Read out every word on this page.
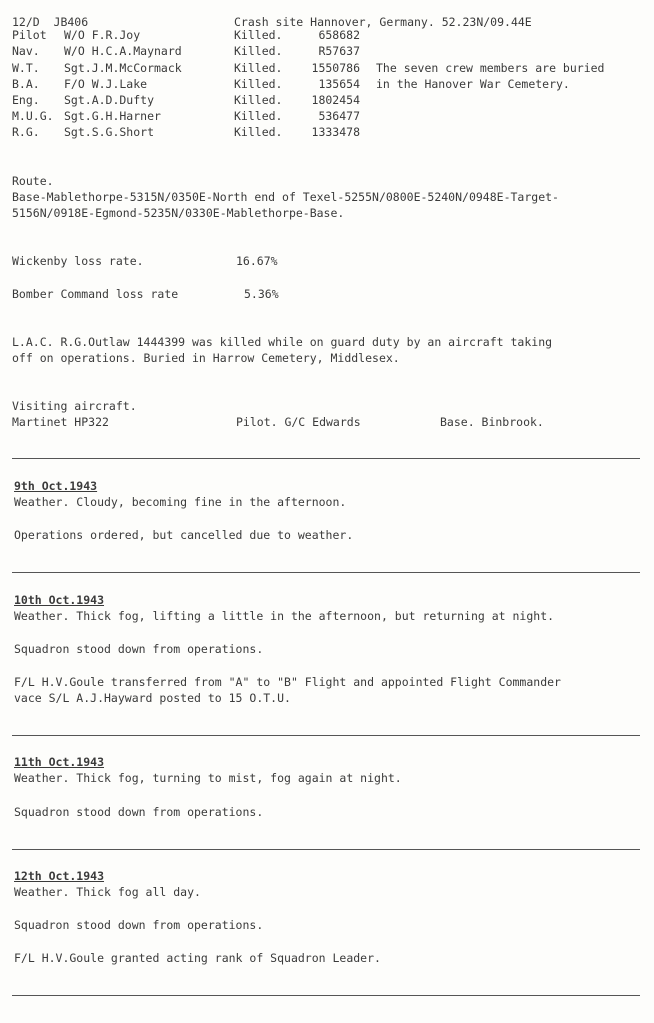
12/D  JB406	Crash site Hannover, Germany. 52.23N/09.44E
Pilot W/O F.R.Joy	Killed.	658682
Nav. W/O H.C.A.Maynard	Killed.	R57637
W.T. Sgt.J.M.McCormack	Killed.	1550786
B.A. F/O W.J.Lake	Killed.	135654
Eng. Sgt.A.D.Dufty	Killed.	1802454
M.U.G. Sgt.G.H.Harner	Killed.	536477
R.G. Sgt.S.G.Short	Killed.	1333478
The seven crew members are buried
in the Hanover War Cemetery.
Route.
Base-Mablethorpe-5315N/0350E-North end of Texel-5255N/0800E-5240N/0948E-Target-
5156N/0918E-Egmond-5235N/0330E-Mablethorpe-Base.
Wickenby loss rate.	16.67%
Bomber Command loss rate	5.36%
L.A.C. R.G.Outlaw 1444399 was killed while on guard duty by an aircraft taking
off on operations. Buried in Harrow Cemetery, Middlesex.
Visiting aircraft.
Martinet HP322	Pilot. G/C Edwards	Base. Binbrook.
9th Oct.1943
Weather. Cloudy, becoming fine in the afternoon.
Operations ordered, but cancelled due to weather.
10th Oct.1943
Weather. Thick fog, lifting a little in the afternoon, but returning at night.
Squadron stood down from operations.
F/L H.V.Goule transferred from "A" to "B" Flight and appointed Flight Commander
vace S/L A.J.Hayward posted to 15 O.T.U.
11th Oct.1943
Weather. Thick fog, turning to mist, fog again at night.
Squadron stood down from operations.
12th Oct.1943
Weather. Thick fog all day.
Squadron stood down from operations.
F/L H.V.Goule granted acting rank of Squadron Leader.
